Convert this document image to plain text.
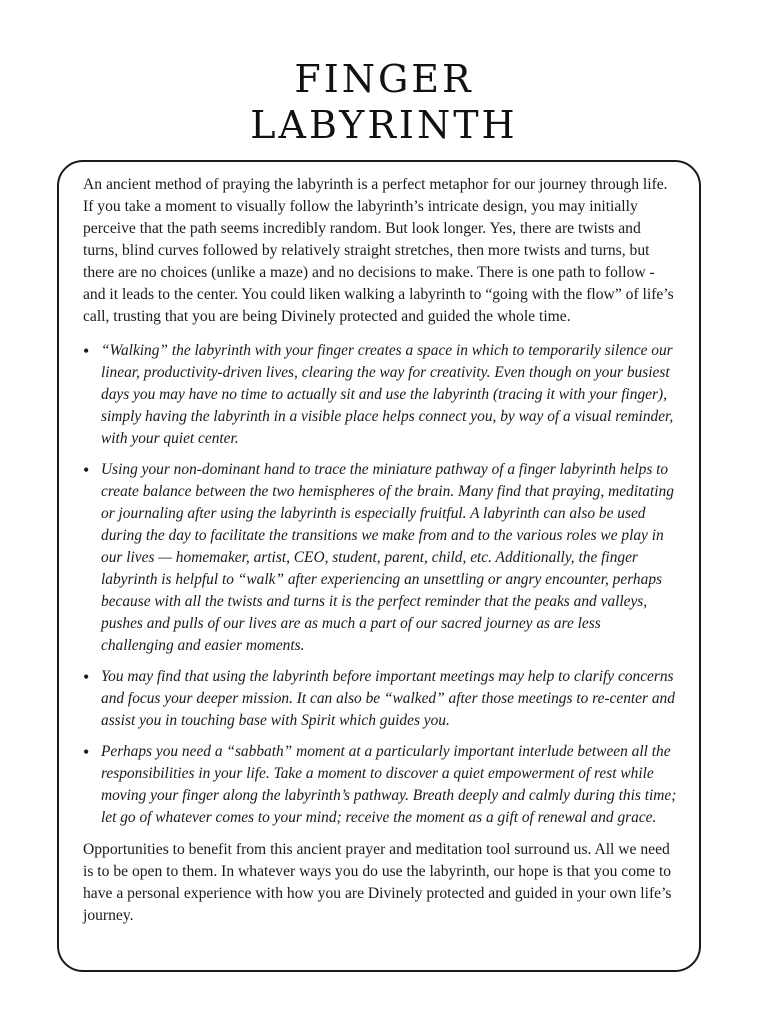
FINGER
LABYRINTH

An ancient method of praying the labyrinth is a perfect metaphor for our journey through life. If you take a moment to visually follow the labyrinth’s intricate design, you may initially perceive that the path seems incredibly random. But look longer. Yes, there are twists and turns, blind curves followed by relatively straight stretches, then more twists and turns, but there are no choices (unlike a maze) and no decisions to make. There is one path to follow - and it leads to the center. You could liken walking a labyrinth to “going with the flow” of life’s call, trusting that you are being Divinely protected and guided the whole time.

• “Walking” the labyrinth with your finger creates a space in which to temporarily silence our linear, productivity-driven lives, clearing the way for creativity. Even though on your busiest days you may have no time to actually sit and use the labyrinth (tracing it with your finger), simply having the labyrinth in a visible place helps connect you, by way of a visual reminder, with your quiet center.
• Using your non-dominant hand to trace the miniature pathway of a finger labyrinth helps to create balance between the two hemispheres of the brain. Many find that praying, meditating or journaling after using the labyrinth is especially fruitful. A labyrinth can also be used during the day to facilitate the transitions we make from and to the various roles we play in our lives — homemaker, artist, CEO, student, parent, child, etc. Additionally, the finger labyrinth is helpful to “walk” after experiencing an unsettling or angry encounter, perhaps because with all the twists and turns it is the perfect reminder that the peaks and valleys, pushes and pulls of our lives are as much a part of our sacred journey as are less challenging and easier moments.
• You may find that using the labyrinth before important meetings may help to clarify concerns and focus your deeper mission. It can also be “walked” after those meetings to re-center and assist you in touching base with Spirit which guides you.
• Perhaps you need a “sabbath” moment at a particularly important interlude between all the responsibilities in your life. Take a moment to discover a quiet empowerment of rest while moving your finger along the labyrinth’s pathway. Breath deeply and calmly during this time; let go of whatever comes to your mind; receive the moment as a gift of renewal and grace.

Opportunities to benefit from this ancient prayer and meditation tool surround us. All we need is to be open to them. In whatever ways you do use the labyrinth, our hope is that you come to have a personal experience with how you are Divinely protected and guided in your own life’s journey.
